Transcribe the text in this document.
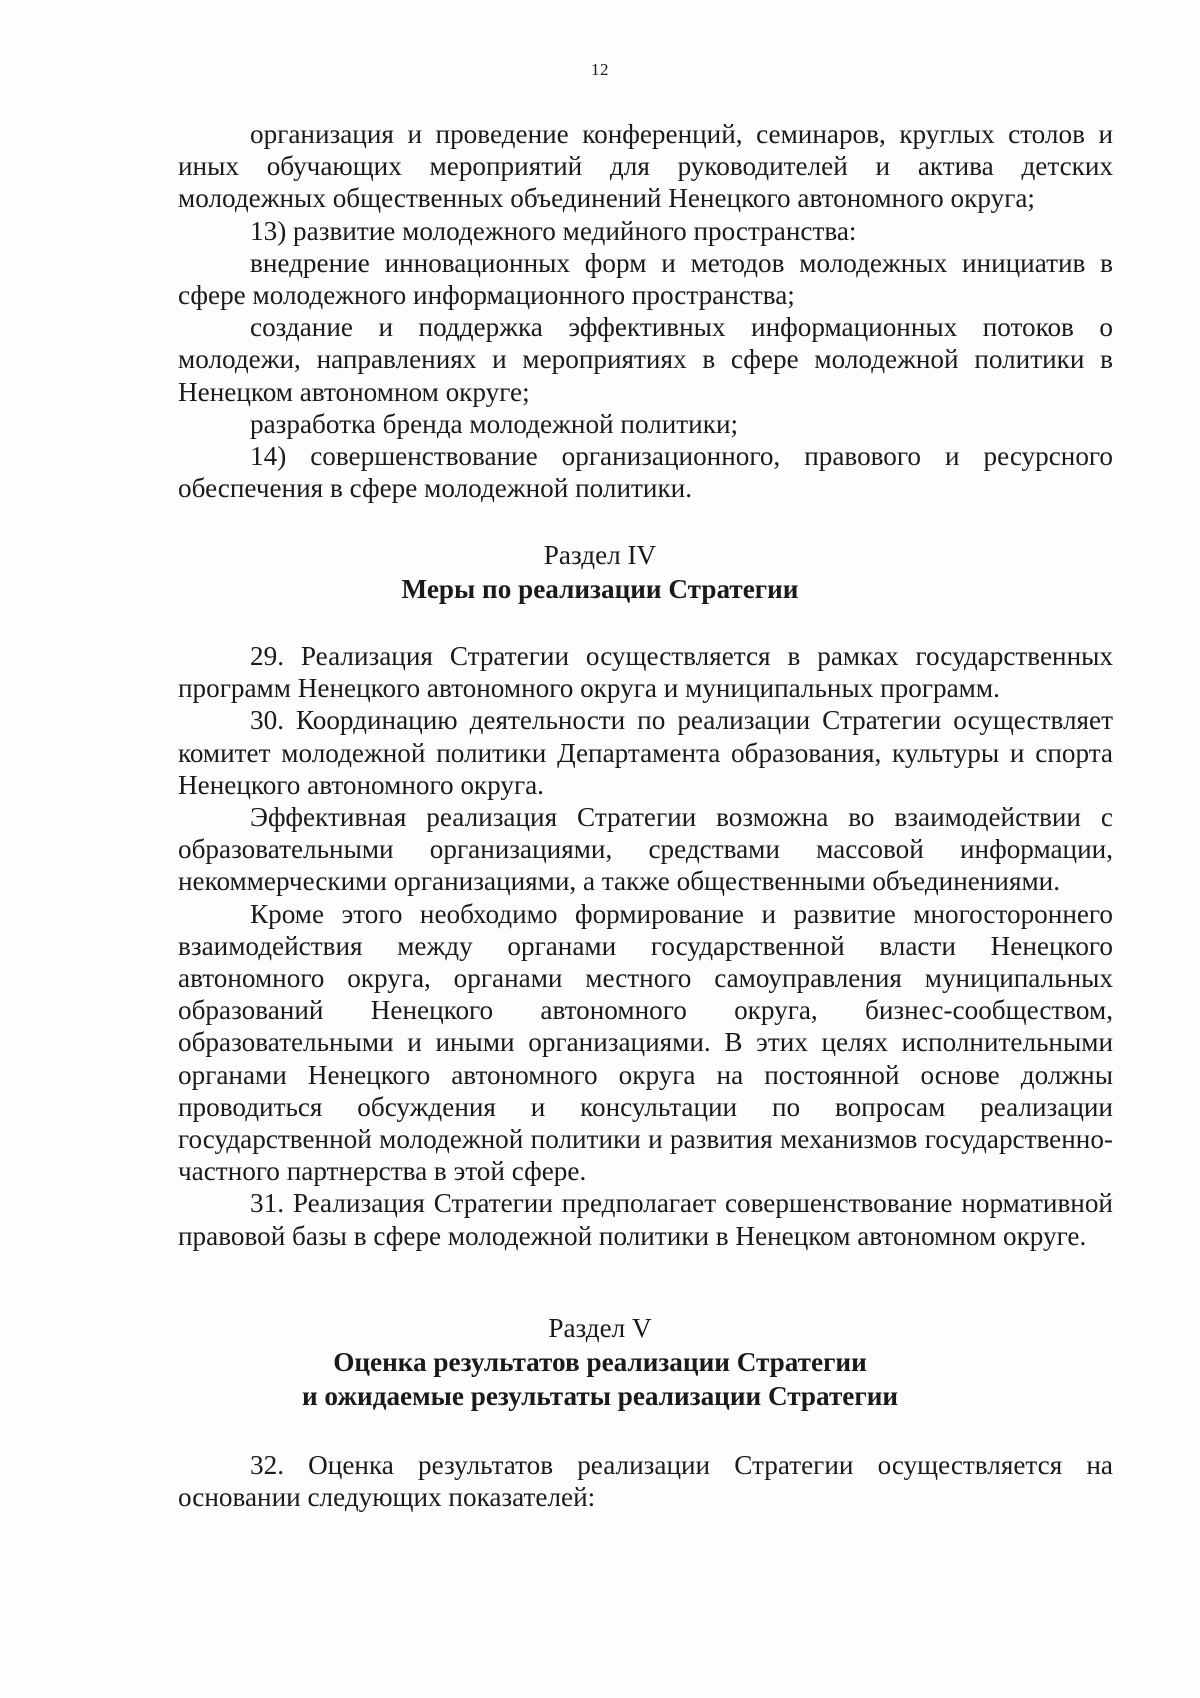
12

организация и проведение конференций, семинаров, круглых столов и иных обучающих мероприятий для руководителей и актива детских молодежных общественных объединений Ненецкого автономного округа;

13) развитие молодежного медийного пространства:

внедрение инновационных форм и методов молодежных инициатив в сфере молодежного информационного пространства;

создание и поддержка эффективных информационных потоков о молодежи, направлениях и мероприятиях в сфере молодежной политики в Ненецком автономном округе;

разработка бренда молодежной политики;

14) совершенствование организационного, правового и ресурсного обеспечения в сфере молодежной политики.

Раздел IV
Меры по реализации Стратегии

29. Реализация Стратегии осуществляется в рамках государственных программ Ненецкого автономного округа и муниципальных программ.

30. Координацию деятельности по реализации Стратегии осуществляет комитет молодежной политики Департамента образования, культуры и спорта Ненецкого автономного округа.

Эффективная реализация Стратегии возможна во взаимодействии с образовательными организациями, средствами массовой информации, некоммерческими организациями, а также общественными объединениями.

Кроме этого необходимо формирование и развитие многостороннего взаимодействия между органами государственной власти Ненецкого автономного округа, органами местного самоуправления муниципальных образований Ненецкого автономного округа, бизнес-сообществом, образовательными и иными организациями. В этих целях исполнительными органами Ненецкого автономного округа на постоянной основе должны проводиться обсуждения и консультации по вопросам реализации государственной молодежной политики и развития механизмов государственно-частного партнерства в этой сфере.

31. Реализация Стратегии предполагает совершенствование нормативной правовой базы в сфере молодежной политики в Ненецком автономном округе.

Раздел V
Оценка результатов реализации Стратегии
и ожидаемые результаты реализации Стратегии

32. Оценка результатов реализации Стратегии осуществляется на основании следующих показателей:
